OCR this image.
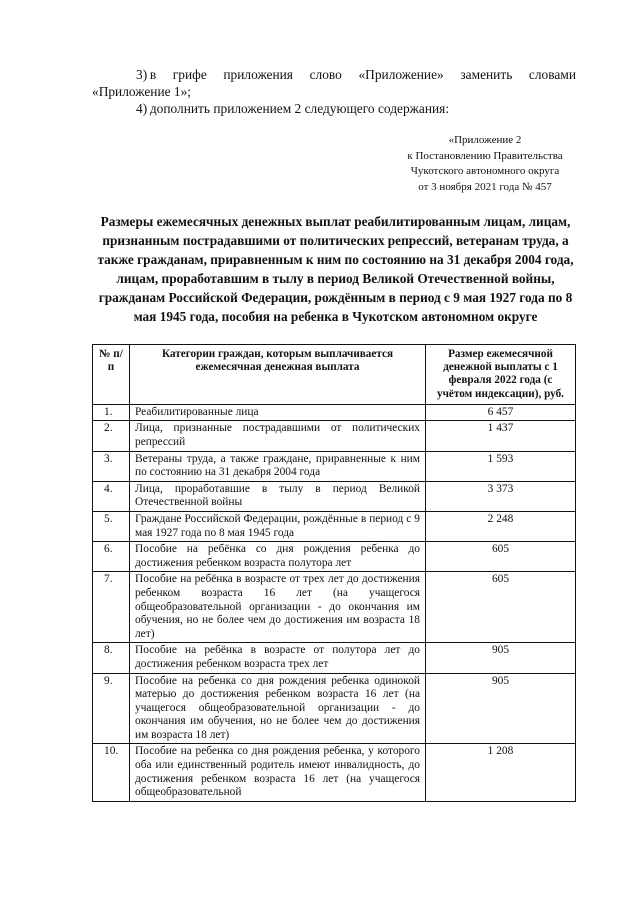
3) в грифе приложения слово «Приложение» заменить словами
«Приложение 1»;
4) дополнить приложением 2 следующего содержания:
«Приложение 2
к Постановлению Правительства
Чукотского автономного округа
от 3 ноября 2021 года № 457
Размеры ежемесячных денежных выплат реабилитированным лицам, лицам, признанным пострадавшими от политических репрессий, ветеранам труда, а также гражданам, приравненным к ним по состоянию на 31 декабря 2004 года, лицам, проработавшим в тылу в период Великой Отечественной войны, гражданам Российской Федерации, рождённым в период с 9 мая 1927 года по 8 мая 1945 года, пособия на ребенка в Чукотском автономном округе
№ п/п	Категории граждан, которым выплачивается ежемесячная денежная выплата	Размер ежемесячной денежной выплаты с 1 февраля 2022 года (с учётом индексации), руб.
1.	Реабилитированные лица	6 457
2.	Лица, признанные пострадавшими от политических репрессий	1 437
3.	Ветераны труда, а также граждане, приравненные к ним по состоянию на 31 декабря 2004 года	1 593
4.	Лица, проработавшие в тылу в период Великой Отечественной войны	3 373
5.	Граждане Российской Федерации, рождённые в период с 9 мая 1927 года по 8 мая 1945 года	2 248
6.	Пособие на ребёнка со дня рождения ребенка до достижения ребенком возраста полутора лет	605
7.	Пособие на ребёнка в возрасте от трех лет до достижения ребенком возраста 16 лет (на учащегося общеобразовательной организации - до окончания им обучения, но не более чем до достижения им возраста 18 лет)	605
8.	Пособие на ребёнка в возрасте от полутора лет до достижения ребенком возраста трех лет	905
9.	Пособие на ребенка со дня рождения ребенка одинокой матерью до достижения ребенком возраста 16 лет (на учащегося общеобразовательной организации - до окончания им обучения, но не более чем до достижения им возраста 18 лет)	905
10.	Пособие на ребенка со дня рождения ребенка, у которого оба или единственный родитель имеют инвалидность, до достижения ребенком возраста 16 лет (на учащегося общеобразовательной	1 208
